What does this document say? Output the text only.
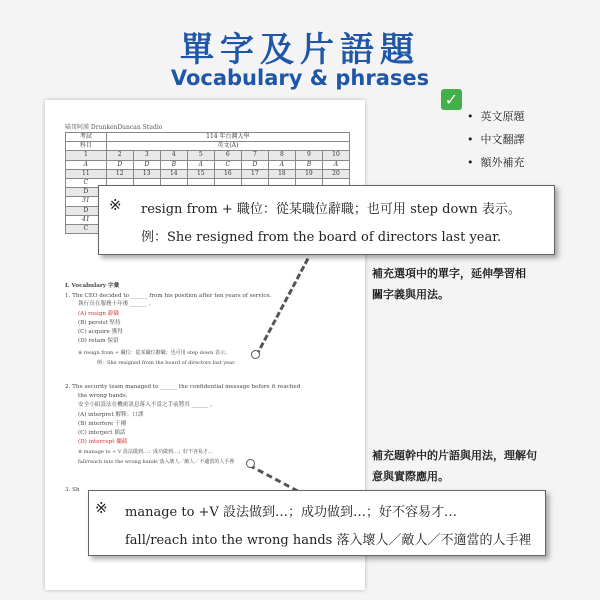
單字及片語題
Vocabulary & phrases
✓
• 英文原題
• 中文翻譯
• 額外補充
喵哥阿漢 DrunkenDuncan Studio
考試	114 年台灣大學								
科目	英文(A)								
1	2	3	4	5	6	7	8	9	10
A	D	D	B	A	C	D	A	B	A
11	12	13	14	15	16	17	18	19	20
C									
D									
31									
D									
41									
C									
I. Vocabulary 字彙
1. The CEO decided to ______ from his position after ten years of service.
執行長在服務十年後 ______ 。
(A) resign 辭職
(B) persist 堅持
(C) acquire 獲得
(D) retain 保留
※ resign from + 職位：從某職位辭職；也可用 step down 表示。
例：She resigned from the board of directors last year.
2. The security team managed to ______ the confidential message before it reached
the wrong hands.
安全小組設法在機密訊息落入不當之手前將其 ______ 。
(A) interpret 解釋；口譯
(B) interfere 干擾
(C) interject 插話
(D) intercept 攔截
※ manage to + V 設法做到…；成功做到…；好不容易才…
fall/reach into the wrong hands 落入壞人／敵人／不適當的人手裡
3. Sh
※ resign from + 職位：從某職位辭職；也可用 step down 表示。
例：She resigned from the board of directors last year.
※ manage to +V 設法做到…；成功做到…；好不容易才…
fall/reach into the wrong hands 落入壞人／敵人／不適當的人手裡
補充選項中的單字，延伸學習相
關字義與用法。
補充題幹中的片語與用法，理解句
意與實際應用。
